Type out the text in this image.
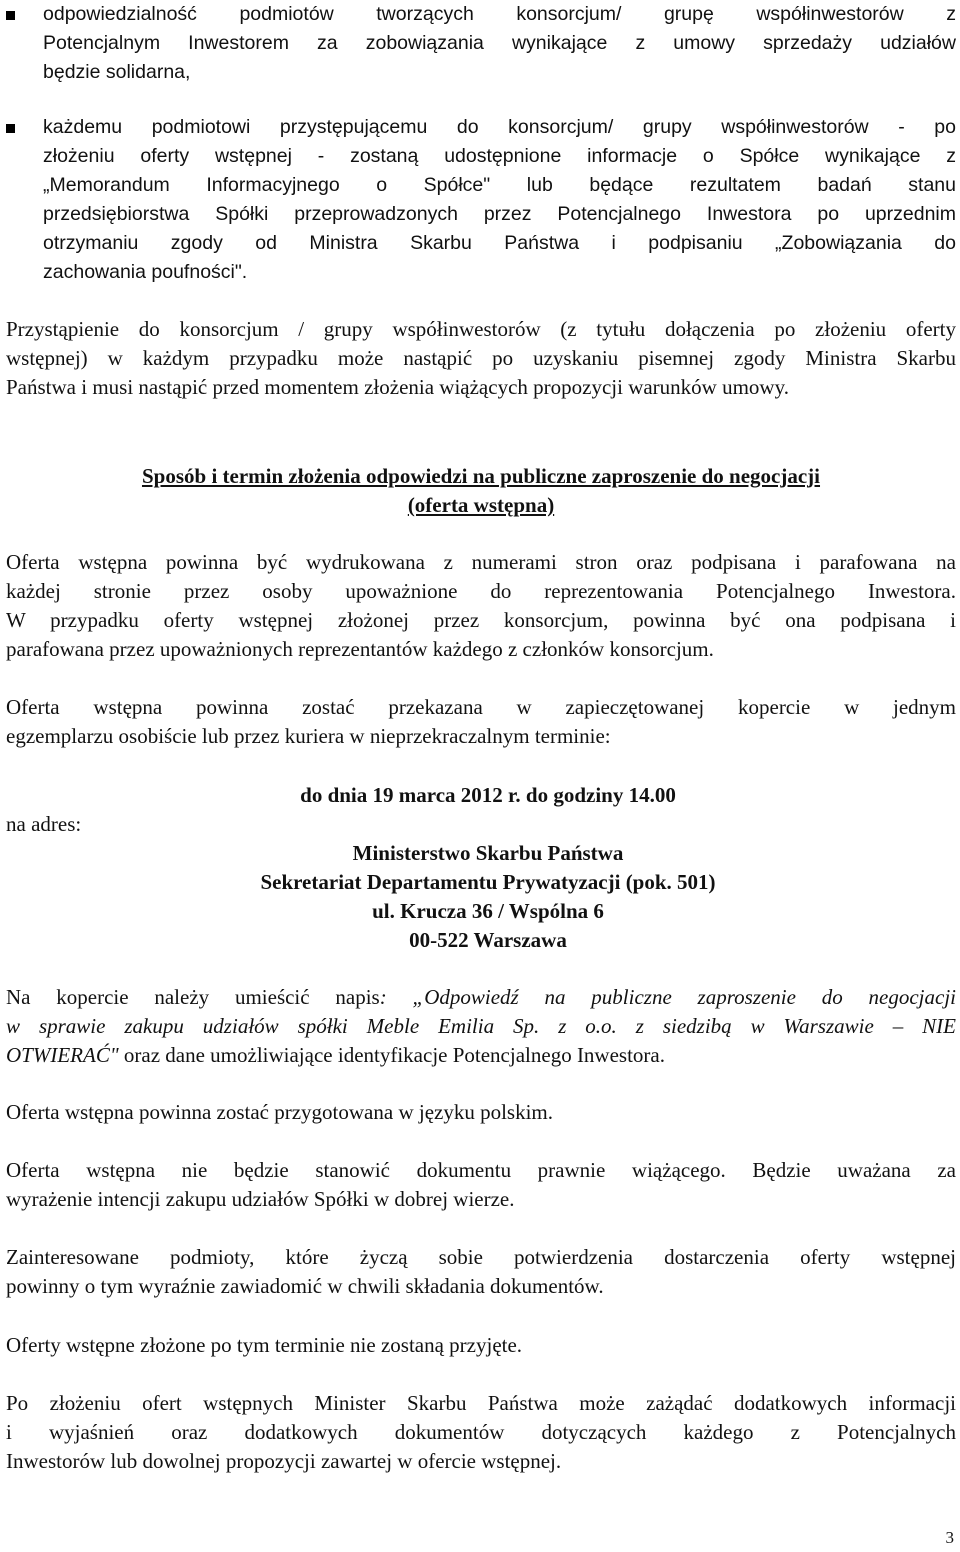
odpowiedzialność podmiotów tworzących konsorcjum/ grupę współinwestorów z
Potencjalnym Inwestorem za zobowiązania wynikające z umowy sprzedaży udziałów
będzie solidarna,
każdemu podmiotowi przystępującemu do konsorcjum/ grupy współinwestorów - po
złożeniu oferty wstępnej - zostaną udostępnione informacje o Spółce wynikające z
„Memorandum Informacyjnego o Spółce" lub będące rezultatem badań stanu
przedsiębiorstwa Spółki przeprowadzonych przez Potencjalnego Inwestora po uprzednim
otrzymaniu zgody od Ministra Skarbu Państwa i podpisaniu „Zobowiązania do
zachowania poufności".
Przystąpienie do konsorcjum / grupy współinwestorów (z tytułu dołączenia po złożeniu oferty
wstępnej) w każdym przypadku może nastąpić po uzyskaniu pisemnej zgody Ministra Skarbu
Państwa i musi nastąpić przed momentem złożenia wiążących propozycji warunków umowy.
Sposób i termin złożenia odpowiedzi na publiczne zaproszenie do negocjacji
(oferta wstępna)
Oferta wstępna powinna być wydrukowana z numerami stron oraz podpisana i parafowana na
każdej stronie przez osoby upoważnione do reprezentowania Potencjalnego Inwestora.
W przypadku oferty wstępnej złożonej przez konsorcjum, powinna być ona podpisana i
parafowana przez upoważnionych reprezentantów każdego z członków konsorcjum.
Oferta wstępna powinna zostać przekazana w zapieczętowanej kopercie w jednym
egzemplarzu osobiście lub przez kuriera w nieprzekraczalnym terminie:
do dnia 19 marca 2012 r. do godziny 14.00
na adres:
Ministerstwo Skarbu Państwa
Sekretariat Departamentu Prywatyzacji (pok. 501)
ul. Krucza 36 / Wspólna 6
00-522 Warszawa
Na kopercie należy umieścić napis: „Odpowiedź na publiczne zaproszenie do negocjacji
w sprawie zakupu udziałów spółki Meble Emilia Sp. z o.o. z siedzibą w Warszawie – NIE
OTWIERAĆ" oraz dane umożliwiające identyfikacje Potencjalnego Inwestora.
Oferta wstępna powinna zostać przygotowana w języku polskim.
Oferta wstępna nie będzie stanowić dokumentu prawnie wiążącego. Będzie uważana za
wyrażenie intencji zakupu udziałów Spółki w dobrej wierze.
Zainteresowane podmioty, które życzą sobie potwierdzenia dostarczenia oferty wstępnej
powinny o tym wyraźnie zawiadomić w chwili składania dokumentów.
Oferty wstępne złożone po tym terminie nie zostaną przyjęte.
Po złożeniu ofert wstępnych Minister Skarbu Państwa może zażądać dodatkowych informacji
i wyjaśnień oraz dodatkowych dokumentów dotyczących każdego z Potencjalnych
Inwestorów lub dowolnej propozycji zawartej w ofercie wstępnej.
3
